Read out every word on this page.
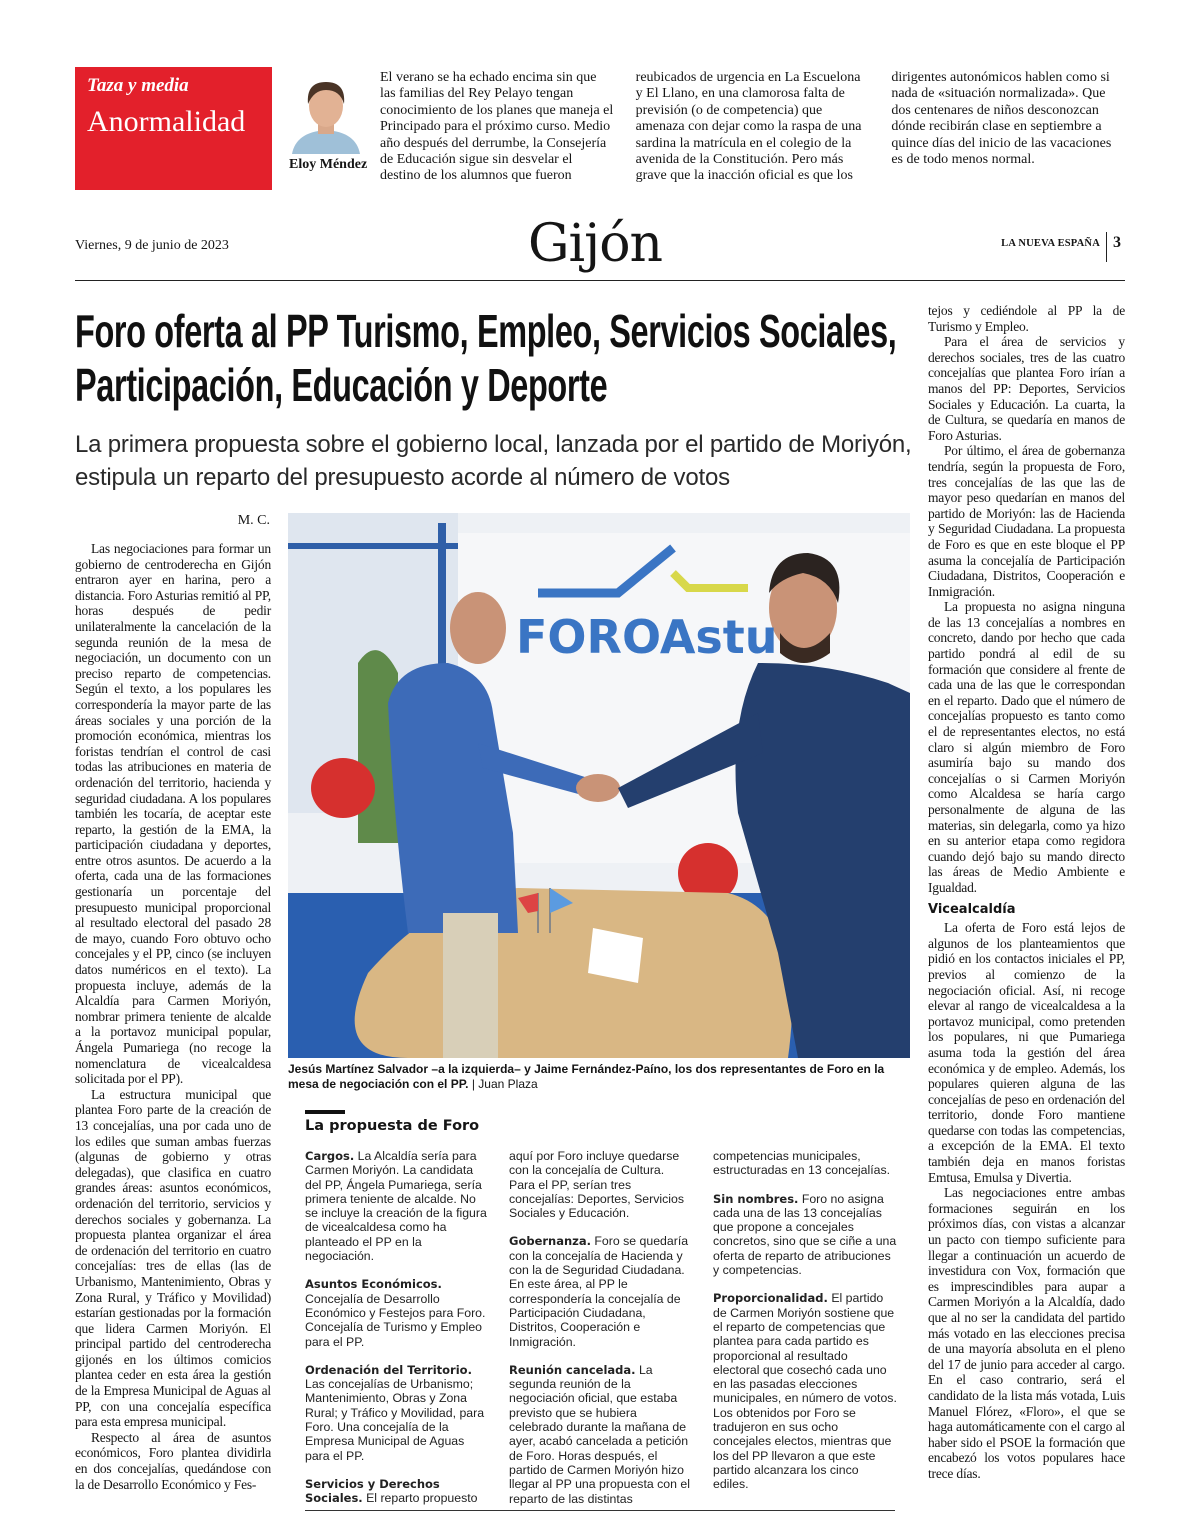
Taza y media
Anormalidad
Eloy Méndez
El verano se ha echado encima sin que las familias del Rey Pelayo tengan conocimiento de los planes que maneja el Principado para el próximo curso. Medio año después del derrumbe, la Consejería de Educación sigue sin desvelar el destino de los alumnos que fueron reubicados de urgencia en La Escuelona y El Llano, en una clamorosa falta de previsión (o de competencia) que amenaza con dejar como la raspa de una sardina la matrícula en el colegio de la avenida de la Constitución. Pero más grave que la inacción oficial es que los dirigentes autonómicos hablen como si nada de «situación normalizada». Que dos centenares de niños desconozcan dónde recibirán clase en septiembre a quince días del inicio de las vacaciones es de todo menos normal.
Viernes, 9 de junio de 2023	Gijón	LA NUEVA ESPAÑA 3
Foro oferta al PP Turismo, Empleo, Servicios Sociales, Participación, Educación y Deporte
La primera propuesta sobre el gobierno local, lanzada por el partido de Moriyón, estipula un reparto del presupuesto acorde al número de votos
M. C.

Las negociaciones para formar un gobierno de centroderecha en Gijón entraron ayer en harina, pero a distancia. Foro Asturias remitió al PP, horas después de pedir unilateralmente la cancelación de la segunda reunión de la mesa de negociación, un documento con un preciso reparto de competencias. Según el texto, a los populares les correspondería la mayor parte de las áreas sociales y una porción de la promoción económica, mientras los foristas tendrían el control de casi todas las atribuciones en materia de ordenación del territorio, hacienda y seguridad ciudadana. A los populares también les tocaría, de aceptar este reparto, la gestión de la EMA, la participación ciudadana y deportes, entre otros asuntos. De acuerdo a la oferta, cada una de las formaciones gestionaría un porcentaje del presupuesto municipal proporcional al resultado electoral del pasado 28 de mayo, cuando Foro obtuvo ocho concejales y el PP, cinco (se incluyen datos numéricos en el texto). La propuesta incluye, además de la Alcaldía para Carmen Moriyón, nombrar primera teniente de alcalde a la portavoz municipal popular, Ángela Pumariega (no recoge la nomenclatura de vicealcaldesa solicitada por el PP).

La estructura municipal que plantea Foro parte de la creación de 13 concejalías, una por cada uno de los ediles que suman ambas fuerzas (algunas de gobierno y otras delegadas), que clasifica en cuatro grandes áreas: asuntos económicos, ordenación del territorio, servicios y derechos sociales y gobernanza. La propuesta plantea organizar el área de ordenación del territorio en cuatro concejalías: tres de ellas (las de Urbanismo, Mantenimiento, Obras y Zona Rural, y Tráfico y Movilidad) estarían gestionadas por la formación que lidera Carmen Moriyón. El principal partido del centroderecha gijonés en los últimos comicios plantea ceder en esta área la gestión de la Empresa Municipal de Aguas al PP, con una concejalía específica para esta empresa municipal.

Respecto al área de asuntos económicos, Foro plantea dividirla en dos concejalías, quedándose con la de Desarrollo Económico y Fes-

tejos y cediéndole al PP la de Turismo y Empleo.

Para el área de servicios y derechos sociales, tres de las cuatro concejalías que plantea Foro irían a manos del PP: Deportes, Servicios Sociales y Educación. La cuarta, la de Cultura, se quedaría en manos de Foro Asturias.

Por último, el área de gobernanza tendría, según la propuesta de Foro, tres concejalías de las que las de mayor peso quedarían en manos del partido de Moriyón: las de Hacienda y Seguridad Ciudadana. La propuesta de Foro es que en este bloque el PP asuma la concejalía de Participación Ciudadana, Distritos, Cooperación e Inmigración.

La propuesta no asigna ninguna de las 13 concejalías a nombres en concreto, dando por hecho que cada partido pondrá al edil de su formación que considere al frente de cada una de las que le correspondan en el reparto. Dado que el número de concejalías propuesto es tanto como el de representantes electos, no está claro si algún miembro de Foro asumiría bajo su mando dos concejalías o si Carmen Moriyón como Alcaldesa se haría cargo personalmente de alguna de las materias, sin delegarla, como ya hizo en su anterior etapa como regidora cuando dejó bajo su mando directo las áreas de Medio Ambiente e Igualdad.

Vicealcaldía

La oferta de Foro está lejos de algunos de los planteamientos que pidió en los contactos iniciales el PP, previos al comienzo de la negociación oficial. Así, ni recoge elevar al rango de vicealcaldesa a la portavoz municipal, como pretenden los populares, ni que Pumariega asuma toda la gestión del área económica y de empleo. Además, los populares quieren alguna de las concejalías de peso en ordenación del territorio, donde Foro mantiene quedarse con todas las competencias, a excepción de la EMA. El texto también deja en manos foristas Emtusa, Emulsa y Divertia.

Las negociaciones entre ambas formaciones seguirán en los próximos días, con vistas a alcanzar un pacto con tiempo suficiente para llegar a continuación un acuerdo de investidura con Vox, formación que es imprescindibles para aupar a Carmen Moriyón a la Alcaldía, dado que al no ser la candidata del partido más votado en las elecciones precisa de una mayoría absoluta en el pleno del 17 de junio para acceder al cargo. En el caso contrario, será el candidato de la lista más votada, Luis Manuel Flórez, «Floro», el que se haga automáticamente con el cargo al haber sido el PSOE la formación que encabezó los votos populares hace trece días.

FOROAstu
Jesús Martínez Salvador –a la izquierda– y Jaime Fernández-Paíno, los dos representantes de Foro en la mesa de negociación con el PP. | Juan Plaza
La propuesta de Foro

Cargos. La Alcaldía sería para Carmen Moriyón. La candidata del PP, Ángela Pumariega, sería primera teniente de alcalde. No se incluye la creación de la figura de vicealcaldesa como ha planteado el PP en la negociación.

Asuntos Económicos. Concejalía de Desarrollo Económico y Festejos para Foro. Concejalía de Turismo y Empleo para el PP.

Ordenación del Territorio. Las concejalías de Urbanismo; Mantenimiento, Obras y Zona Rural; y Tráfico y Movilidad, para Foro. Una concejalía de la Empresa Municipal de Aguas para el PP.

Servicios y Derechos Sociales. El reparto propuesto aquí por Foro incluye quedarse con la concejalía de Cultura. Para el PP, serían tres concejalías: Deportes, Servicios Sociales y Educación.

Gobernanza. Foro se quedaría con la concejalía de Hacienda y con la de Seguridad Ciudadana. En este área, al PP le correspondería la concejalía de Participación Ciudadana, Distritos, Cooperación e Inmigración.

Reunión cancelada. La segunda reunión de la negociación oficial, que estaba previsto que se hubiera celebrado durante la mañana de ayer, acabó cancelada a petición de Foro. Horas después, el partido de Carmen Moriyón hizo llegar al PP una propuesta con el reparto de las distintas competencias municipales, estructuradas en 13 concejalías.

Sin nombres. Foro no asigna cada una de las 13 concejalías que propone a concejales concretos, sino que se ciñe a una oferta de reparto de atribuciones y competencias.

Proporcionalidad. El partido de Carmen Moriyón sostiene que el reparto de competencias que plantea para cada partido es proporcional al resultado electoral que cosechó cada uno en las pasadas elecciones municipales, en número de votos. Los obtenidos por Foro se tradujeron en sus ocho concejales electos, mientras que los del PP llevaron a que este partido alcanzara los cinco ediles.
